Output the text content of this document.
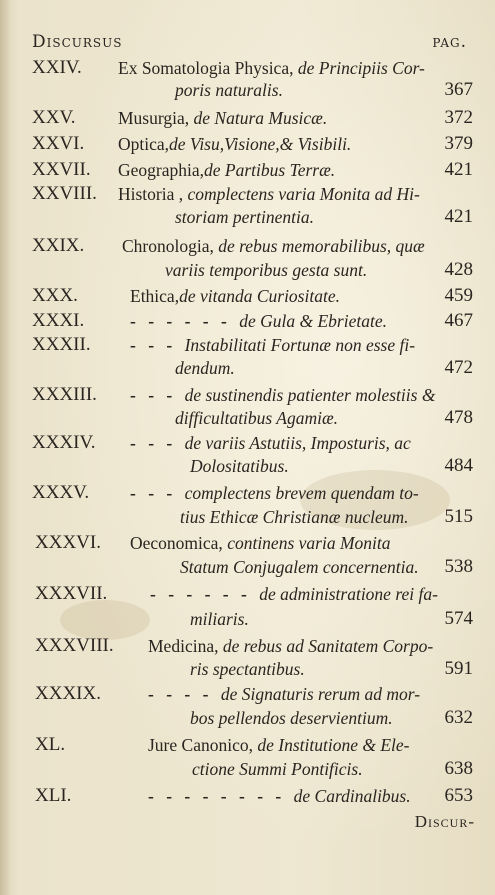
Discursus	pag.
XXIV. Ex Somatologia Physica, de Principiis Cor-
poris naturalis.	367
XXV. Musurgia, de Natura Musicæ.	372
XXVI. Optica,de Visu,Visione,& Visibili.	379
XXVII. Geographia,de Partibus Terræ.	421
XXVIII. Historia , complectens varia Monita ad Hi-
storiam pertinentia.	421
XXIX. Chronologia, de rebus memorabilibus, quæ
variis temporibus gesta sunt.	428
XXX.	Ethica,de vitanda Curiositate.	459
XXXI.	- - - - - - de Gula & Ebrietate.	467
XXXII. - - - Instabilitati Fortunæ non esse fi-
dendum.	472
XXXIII. - - - de sustinendis patienter molestiis &
difficultatibus Agamiæ.	478
XXXIV. - - - de variis Astutiis, Imposturis, ac
Dolositatibus.	484
XXXV. - - - complectens brevem quendam to-
tius Ethicæ Christianæ nucleum. 515
XXXVI. Oeconomica, continens varia Monita
Statum Conjugalem concernentia. 538
XXXVII. - - - - - - de administratione rei fa-
miliaris.	574
XXXVIII. Medicina, de rebus ad Sanitatem Corpo-
ris spectantibus.	591
XXXIX.	- - - - de Signaturis rerum ad mor-
bos pellendos deservientium.	632
XL.	Jure Canonico, de Institutione & Ele-
ctione Summi Pontificis.	638
XLI.	- - - - - - - - de Cardinalibus. 653
Discur-
